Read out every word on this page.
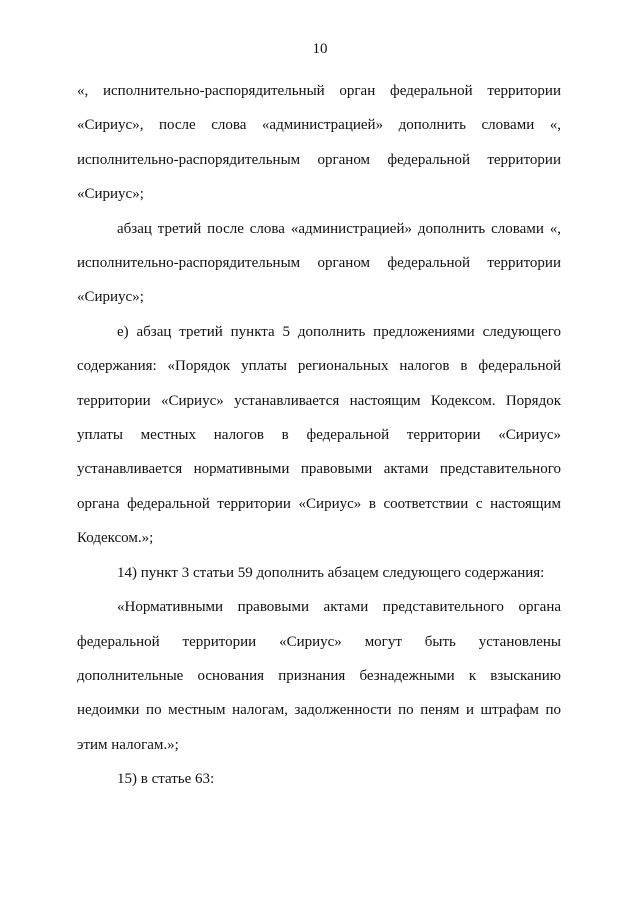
10

«, исполнительно-распорядительный орган федеральной территории «Сириус», после слова «администрацией» дополнить словами «, исполнительно-распорядительным органом федеральной территории «Сириус»;

абзац третий после слова «администрацией» дополнить словами «, исполнительно-распорядительным органом федеральной территории «Сириус»;

е) абзац третий пункта 5 дополнить предложениями следующего содержания: «Порядок уплаты региональных налогов в федеральной территории «Сириус» устанавливается настоящим Кодексом. Порядок уплаты местных налогов в федеральной территории «Сириус» устанавливается нормативными правовыми актами представительного органа федеральной территории «Сириус» в соответствии с настоящим Кодексом.»;

14) пункт 3 статьи 59 дополнить абзацем следующего содержания:

«Нормативными правовыми актами представительного органа федеральной территории «Сириус» могут быть установлены дополнительные основания признания безнадежными к взысканию недоимки по местным налогам, задолженности по пеням и штрафам по этим налогам.»;

15) в статье 63:
